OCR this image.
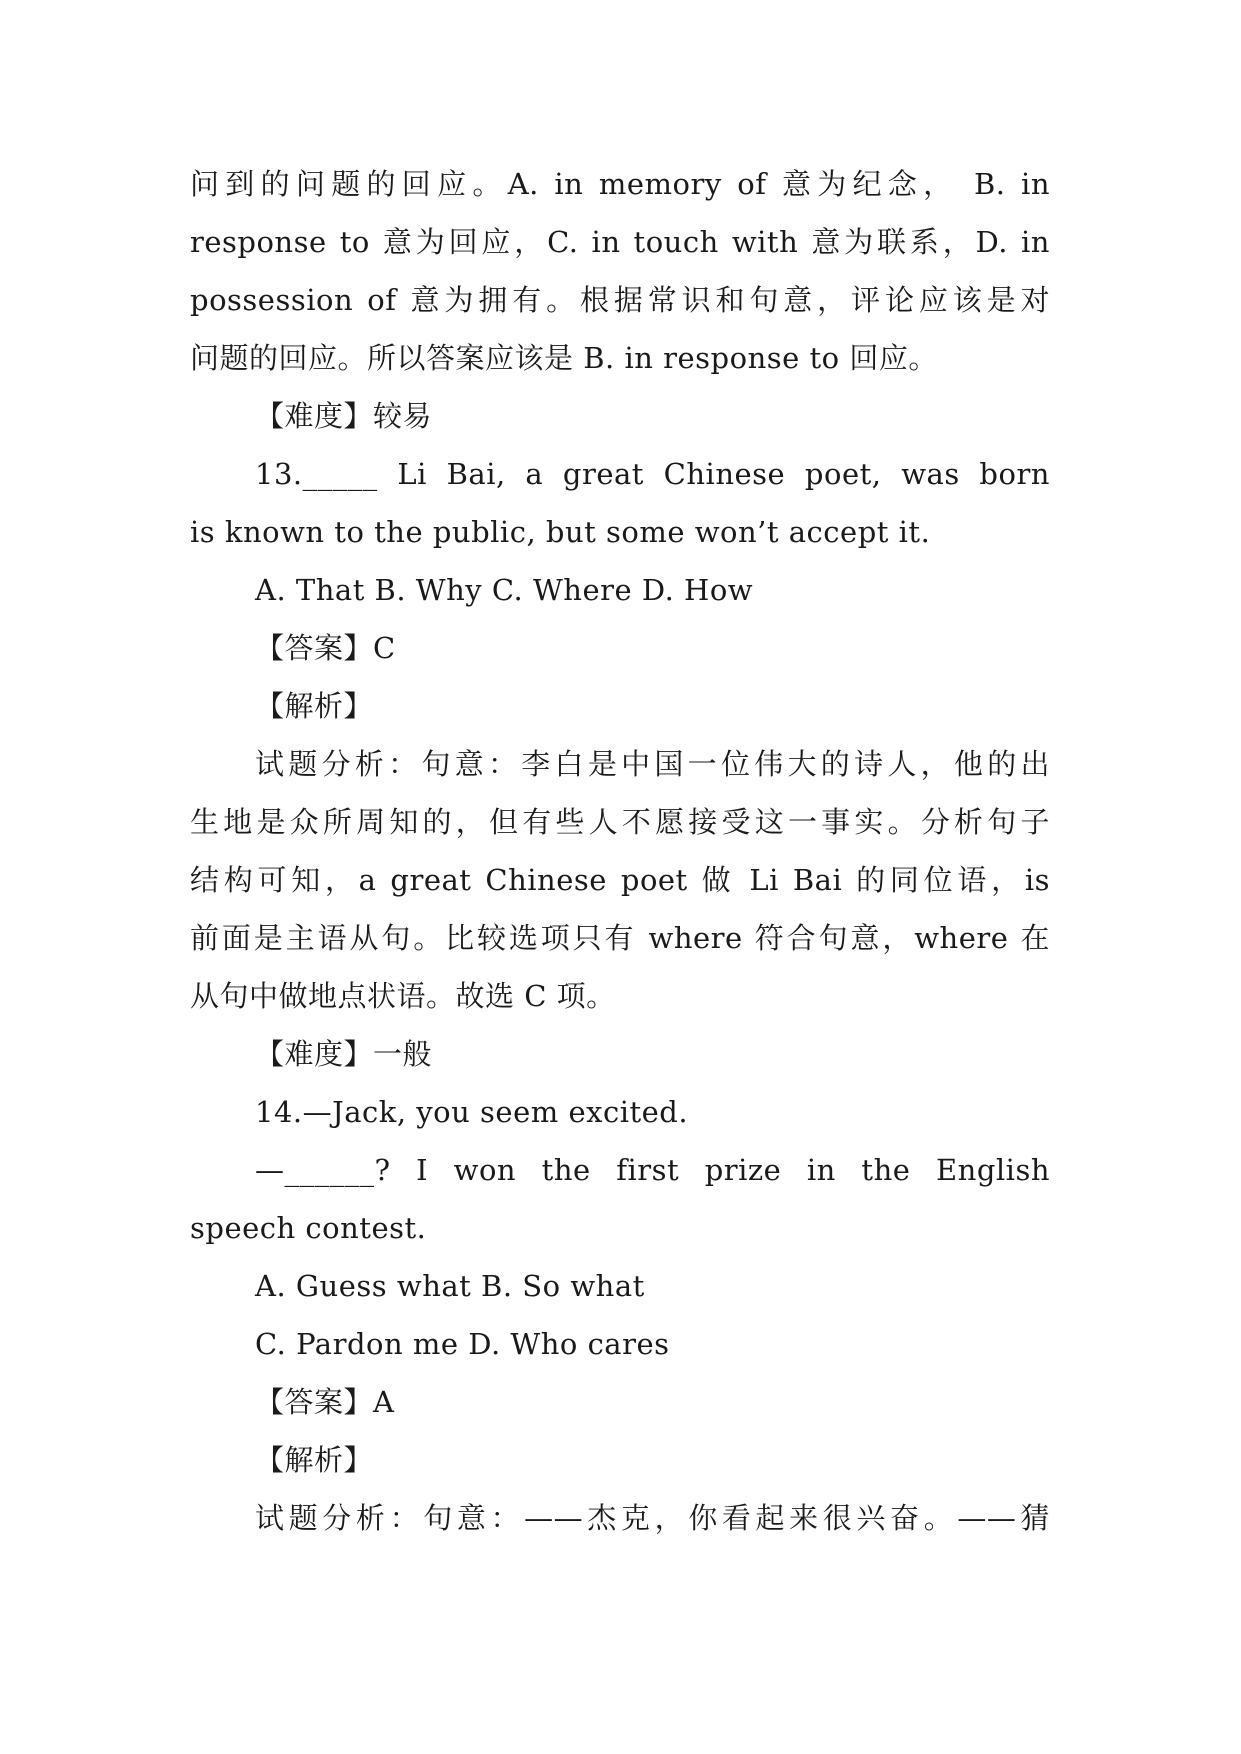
问到的问题的回应。A. in memory of 意为纪念， B. in
response to 意为回应，C. in touch with 意为联系，D. in
possession of 意为拥有。根据常识和句意，评论应该是对
问题的回应。所以答案应该是 B. in response to 回应。
【难度】较易
13._____ Li Bai, a great Chinese poet, was born
is known to the public, but some won’t accept it.
A. That B. Why C. Where D. How
【答案】C
【解析】
试题分析：句意：李白是中国一位伟大的诗人，他的出
生地是众所周知的，但有些人不愿接受这一事实。分析句子
结构可知，a great Chinese poet 做 Li Bai 的同位语，is
前面是主语从句。比较选项只有 where 符合句意，where 在
从句中做地点状语。故选 C 项。
【难度】一般
14.—Jack, you seem excited.
—______? I won the first prize in the English
speech contest.
A. Guess what B. So what
C. Pardon me D. Who cares
【答案】A
【解析】
试题分析：句意：——杰克，你看起来很兴奋。——猜
